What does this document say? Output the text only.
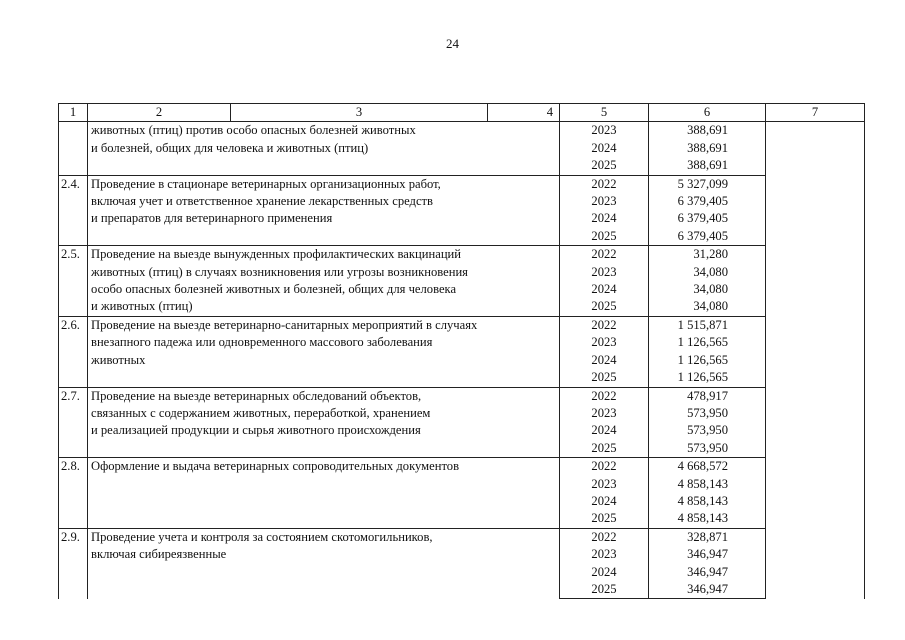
24
1	2	3	4	5	6	7

	животных (птиц) против особо опасных болезней животных
и болезней, общих для человека и животных (птиц)			2023	388,691	
				2024	388,691	
				2025	388,691	
2.4.	Проведение в стационаре ветеринарных организационных работ,
включая учет и ответственное хранение лекарственных средств
и препаратов для ветеринарного применения			2022	5 327,099	
				2023	6 379,405	
				2024	6 379,405	
				2025	6 379,405	
2.5.	Проведение на выезде вынужденных профилактических вакцинаций
животных (птиц) в случаях возникновения или угрозы возникновения
особо опасных болезней животных и болезней, общих для человека
и животных (птиц)			2022	31,280	
				2023	34,080	
				2024	34,080	
				2025	34,080	
2.6.	Проведение на выезде ветеринарно-санитарных мероприятий в случаях
внезапного падежа или одновременного массового заболевания
животных			2022	1 515,871	
				2023	1 126,565	
				2024	1 126,565	
				2025	1 126,565	
2.7.	Проведение на выезде ветеринарных обследований объектов,
связанных с содержанием животных, переработкой, хранением
и реализацией продукции и сырья животного происхождения			2022	478,917	
				2023	573,950	
				2024	573,950	
				2025	573,950	
2.8.	Оформление и выдача ветеринарных сопроводительных документов			2022	4 668,572	
				2023	4 858,143	
				2024	4 858,143	
				2025	4 858,143	
2.9.	Проведение учета и контроля за состоянием скотомогильников,
включая сибиреязвенные			2022	328,871	
				2023	346,947	
				2024	346,947	
				2025	346,947	
